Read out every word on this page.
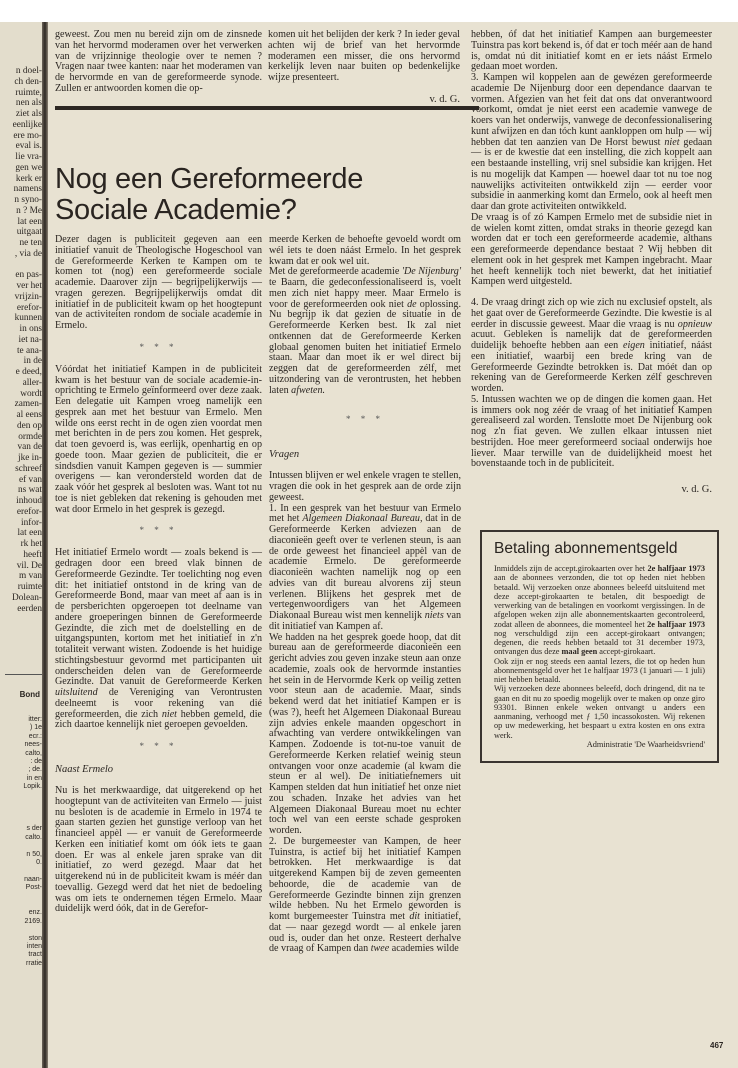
n doel-
ch den-
ruimte,
nen als
ziet als
eenlijke
ere mo-
eval is.
lie vra-
gen we
kerk er
namens
n syno-
n ? Me
lat een
uitgaat
ne ten
, via de

en pas-
ver het
vrijzin-
erefor-
kunnen
in ons
iet na-
te ana-
in de
e deed,
aller-
wordt
zamen-
al eens
den op
ormde
van de
jke in-
schreef
ef van
ns wat
inhoud
erefor-
infor-
lat een
rk het
heeft
vil. De
m van
ruimte
Dolean-
eerden
Bond
itter:
) 1e
ecr.:
nees-
calto,
: de
; de.
in en
Lopik.

s der
calto.

n 50,
0.

naan-
Post-

enz.
2169.

ston
inten
tract
rratie
geweest. Zou men nu bereid zijn om de zinsnede van het hervormd moderamen over het verwerken van de vrijzinnige theologie over te nemen ? Vragen naar twee kanten: naar het moderamen van de hervormde en van de gereformeerde synode. Zullen er antwoorden komen die op-
komen uit het belijden der kerk ? In ieder geval achten wij de brief van het hervormde moderamen een misser, die ons hervormd kerkelijk leven naar buiten op bedenkelijke wijze presenteert.
v. d. G.
Nog een Gereformeerde
Sociale Academie?
Dezer dagen is publiciteit gegeven aan een initiatief vanuit de Theologische Hogeschool van de Gereformeerde Kerken te Kampen om te komen tot (nog) een gereformeerde sociale academie. Daarover zijn — begrijpelijkerwijs — vragen gerezen. Begrijpelijkerwijs omdat dit initiatief in de publiciteit kwam op het hoogtepunt van de activiteiten rondom de sociale academie in Ermelo.
* * *
Vóórdat het initiatief Kampen in de publiciteit kwam is het bestuur van de sociale academie-in-oprichting te Ermelo geïnformeerd over deze zaak. Een delegatie uit Kampen vroeg namelijk een gesprek aan met het bestuur van Ermelo. Men wilde ons eerst recht in de ogen zien voordat men met berichten in de pers zou komen. Het gesprek, dat toen gevoerd is, was eerlijk, openhartig en op goede toon. Maar gezien de publiciteit, die er sindsdien vanuit Kampen gegeven is — summier overigens — kan verondersteld worden dat de zaak vóór het gesprek al besloten was. Want tot nu toe is niet gebleken dat rekening is gehouden met wat door Ermelo in het gesprek is gezegd.
* * *
Het initiatief Ermelo wordt — zoals bekend is — gedragen door een breed vlak binnen de Gereformeerde Gezindte. Ter toelichting nog even dit: het initiatief ontstond in de kring van de Gereformeerde Bond, maar van meet af aan is in de persberichten opgeroepen tot deelname van andere groeperingen binnen de Gereformeerde Gezindte, die zich met de doelstelling en de uitgangspunten, kortom met het initiatief in z'n totaliteit verwant wisten. Zodoende is het huidige stichtingsbestuur gevormd met participanten uit onderscheiden delen van de Gereformeerde Gezindte. Dat vanuit de Gereformeerde Kerken uitsluitend de Vereniging van Verontrusten deelneemt is voor rekening van dié gereformeerden, die zich niet hebben gemeld, die zich daartoe kennelijk niet geroepen gevoelden.
* * *
Naast Ermelo
Nu is het merkwaardige, dat uitgerekend op het hoogtepunt van de activiteiten van Ermelo — juist nu besloten is de academie in Ermelo in 1974 te gaan starten gezien het gunstige verloop van het financieel appèl — er vanuit de Gereformeerde Kerken een initiatief komt om óók iets te gaan doen. Er was al enkele jaren sprake van dit initiatief, zo werd gezegd. Maar dat het uitgerekend nú in de publiciteit kwam is méér dan toevallig. Gezegd werd dat het niet de bedoeling was om iets te ondernemen tégen Ermelo. Maar duidelijk werd óók, dat in de Gerefor-
meerde Kerken de behoefte gevoeld wordt om wél iets te doen náást Ermelo. In het gesprek kwam dat er ook wel uit.
Met de gereformeerde academie 'De Nijenburg' te Baarn, die gedeconfessionaliseerd is, voelt men zich niet happy meer. Maar Ermelo is voor de gereformeerden ook niet de oplossing. Nu begrijp ik dat gezien de situatie in de Gereformeerde Kerken best. Ik zal niet ontkennen dat de Gereformeerde Kerken globaal genomen buiten het initiatief Ermelo staan. Maar dan moet ik er wel direct bij zeggen dat de gereformeerden zélf, met uitzondering van de verontrusten, het hebben laten afweten.
* * *
Vragen

Intussen blijven er wel enkele vragen te stellen, vragen die ook in het gesprek aan de orde zijn geweest.

1. In een gesprek van het bestuur van Ermelo met het Algemeen Diakonaal Bureau, dat in de Gereformeerde Kerken adviezen aan de diaconieën geeft over te verlenen steun, is aan de orde geweest het financieel appèl van de academie Ermelo. De gereformeerde diaconieën wachten namelijk nog op een advies van dit bureau alvorens zij steun verlenen. Blijkens het gesprek met de vertegenwoordigers van het Algemeen Diakonaal Bureau wist men kennelijk niets van dit initiatief van Kampen af.

We hadden na het gesprek goede hoop, dat dit bureau aan de gereformeerde diaconieën een gericht advies zou geven inzake steun aan onze academie, zoals ook de hervormde instanties het sein in de Hervormde Kerk op veilig zetten voor steun aan de academie. Maar, sinds bekend werd dat het initiatief Kampen er is (was ?), heeft het Algemeen Diakonaal Bureau zijn advies enkele maanden opgeschort in afwachting van verdere ontwikkelingen van Kampen. Zodoende is tot-nu-toe vanuit de Gereformeerde Kerken relatief weinig steun ontvangen voor onze academie (al kwam die steun er al wel). De initiatiefnemers uit Kampen stelden dat hun initiatief het onze niet zou schaden. Inzake het advies van het Algemeen Diakonaal Bureau moet nu echter toch wel van een eerste schade gesproken worden.

2. De burgemeester van Kampen, de heer Tuinstra, is actief bij het initiatief Kampen betrokken. Het merkwaardige is dat uitgerekend Kampen bij de zeven gemeenten behoorde, die de academie van de Gereformeerde Gezindte binnen zijn grenzen wilde hebben. Nu het Ermelo geworden is komt burgemeester Tuinstra met dit initiatief, dat — naar gezegd wordt — al enkele jaren oud is, ouder dan het onze. Resteert derhalve de vraag of Kampen dan twee academies wilde

hebben, óf dat het initiatief Kampen aan burgemeester Tuinstra pas kort bekend is, óf dat er toch méér aan de hand is, omdat nú dit initiatief komt en er iets náást Ermelo gedaan moet worden.

3. Kampen wil koppelen aan de gewézen gereformeerde academie De Nijenburg door een dependance daarvan te vormen. Afgezien van het feit dat ons dat onverantwoord voorkomt, omdat je niet eerst een academie vanwege de koers van het onderwijs, vanwege de deconfessionalisering kunt afwijzen en dan tóch kunt aankloppen om hulp — wij hebben dat ten aanzien van De Horst bewust niet gedaan — is er de kwestie dat een instelling, die zich koppelt aan een bestaande instelling, vrij snel subsidie kan krijgen. Het is nu mogelijk dat Kampen — hoewel daar tot nu toe nog nauwelijks activiteiten ontwikkeld zijn — eerder voor subsidie in aanmerking komt dan Ermelo, ook al heeft men daar dan grote activiteiten ontwikkeld.

De vraag is of zó Kampen Ermelo met de subsidie niet in de wielen komt zitten, omdat straks in theorie gezegd kan worden dat er toch een gereformeerde academie, althans een gereformeerde dependance bestaat ? Wij hebben dit element ook in het gesprek met Kampen ingebracht. Maar het heeft kennelijk toch niet bewerkt, dat het initiatief Kampen werd uitgesteld.

4. De vraag dringt zich op wie zich nu exclusief opstelt, als het gaat over de Gereformeerde Gezindte. Die kwestie is al eerder in discussie geweest. Maar die vraag is nu opnieuw acuut. Gebleken is namelijk dat de gereformeerden duidelijk behoefte hebben aan een eigen initiatief, náást een initiatief, waarbij een brede kring van de Gereformeerde Gezindte betrokken is. Dat móét dan op rekening van de Gereformeerde Kerken zélf geschreven worden.

5. Intussen wachten we op de dingen die komen gaan. Het is immers ook nog zéér de vraag of het initiatief Kampen gerealiseerd zal worden. Tenslotte moet De Nijenburg ook nog z'n fiat geven. We zullen elkaar intussen niet bestrijden. Hoe meer gereformeerd sociaal onderwijs hoe liever. Maar terwille van de duidelijkheid moest het bovenstaande toch in de publiciteit.

v. d. G.
Betaling abonnementsgeld

Inmiddels zijn de accept.girokaarten over het 2e halfjaar 1973 aan de abonnees verzonden, die tot op heden niet hebben betaald. Wij verzoeken onze abonnees beleefd uitsluitend met deze accept-girokaarten te betalen, dit bespoedigt de verwerking van de betalingen en voorkomt vergissingen. In de afgelopen weken zijn alle abonnementskaarten gecontroleerd, zodat alleen de abonnees, die momenteel het 2e halfjaar 1973 nog verschuldigd zijn een accept-girokaart ontvangen; degenen, die reeds hebben betaald tot 31 december 1973, ontvangen dus deze maal geen accept-girokaart.

Ook zijn er nog steeds een aantal lezers, die tot op heden hun abonnementsgeld over het 1e halfjaar 1973 (1 januari — 1 juli) niet hebben betaald.

Wij verzoeken deze abonnees beleefd, doch dringend, dit na te gaan en dit nu zo spoedig mogelijk over te maken op onze giro 93301. Binnen enkele weken ontvangt u anders een aanmaning, verhoogd met ƒ 1,50 incassokosten. Wij rekenen op uw medewerking, het bespaart u extra kosten en ons extra werk.

Administratie 'De Waarheidsvriend'

467
